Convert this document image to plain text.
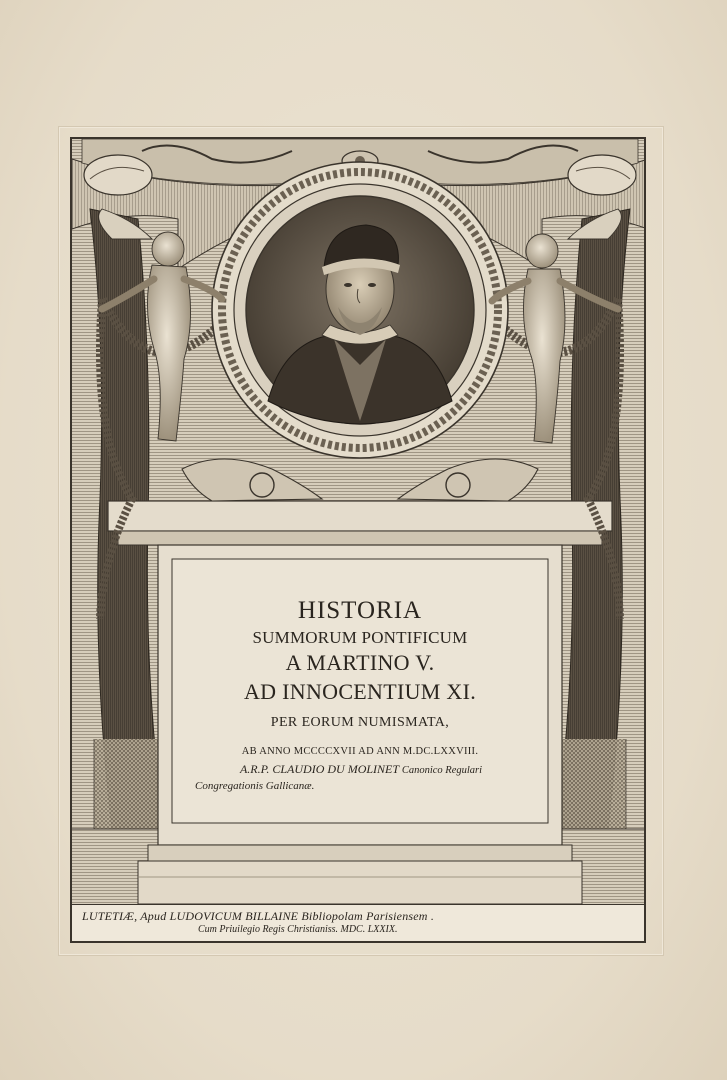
HISTORIA
SUMMORUM PONTIFICUM
A MARTINO V.
AD INNOCENTIUM XI.
PER EORUM NUMISMATA,
AB ANNO MCCCCXVII AD ANN M.DC.LXXVIII.
A.R.P. CLAUDIO DU MOLINET Canonico Regulari
Congregationis Gallicanæ.
LUTETIÆ, Apud LUDOVICUM BILLAINE Bibliopolam Parisiensem .
Cum Priuilegio Regis Christianiss. MDC. LXXIX.
